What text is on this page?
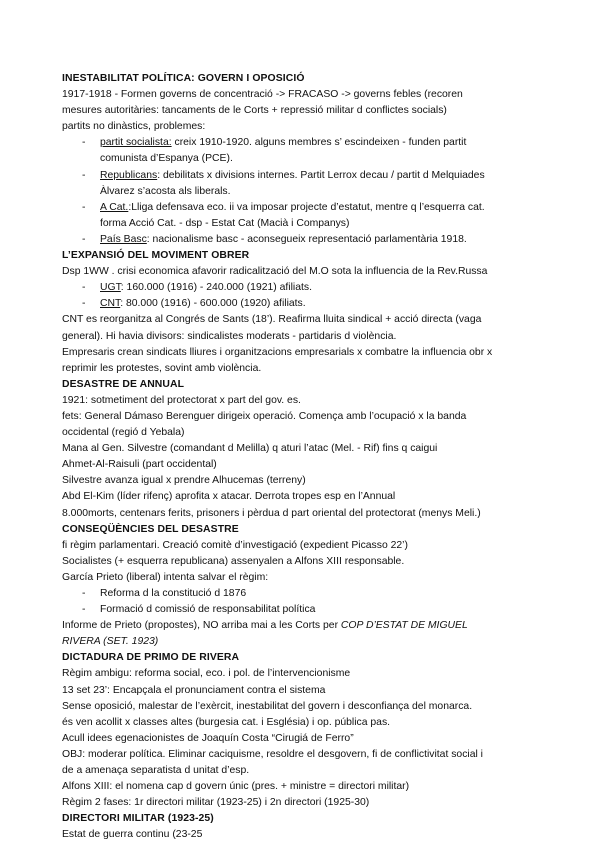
INESTABILITAT POLÍTICA: GOVERN I OPOSICIÓ

1917-1918 - Formen governs de concentració -> FRACASO -> governs febles (recoren

mesures autoritàries: tancaments de le Corts + repressió militar d conflictes socials)

partits no dinàstics, problemes:

- partit socialista: creix 1910-1920. alguns membres s’ escindeixen - funden partit

comunista d’Espanya (PCE).

- Republicans: debilitats x divisions internes. Partit Lerrox decau / partit d Melquiades

Àlvarez s’acosta als liberals.

- A Cat.:Lliga defensava eco. ii va imposar projecte d’estatut, mentre q l’esquerra cat.

forma Acció Cat. - dsp - Estat Cat (Macià i Companys)

- País Basc: nacionalisme basc - aconsegueix representació parlamentària 1918.

L’EXPANSIÓ DEL MOVIMENT OBRER

Dsp 1WW . crisi economica afavorir radicalització del M.O sota la influencia de la Rev.Russa

- UGT: 160.000 (1916) - 240.000 (1921) afiliats.

- CNT: 80.000 (1916) - 600.000 (1920) afiliats.

CNT es reorganitza al Congrés de Sants (18’). Reafirma lluita sindical + acció directa (vaga

general). Hi havia divisors: sindicalistes moderats - partidaris d violència.

Empresaris crean sindicats lliures i organitzacions empresarials x combatre la influencia obr x

reprimir les protestes, sovint amb violència.

DESASTRE DE ANNUAL

1921: sotmetiment del protectorat x part del gov. es.

fets: General Dámaso Berenguer dirigeix operació. Comença amb l’ocupació x la banda

occidental (regió d Yebala)

Mana al Gen. Silvestre (comandant d Melilla) q aturi l’atac (Mel. - Rif) fins q caigui

Ahmet-Al-Raisuli (part occidental)

Silvestre avanza igual x prendre Alhucemas (terreny)

Abd El-Kim (líder rifenç) aprofita x atacar. Derrota tropes esp en l’Annual

8.000morts, centenars ferits, prisoners i pèrdua d part oriental del protectorat (menys Meli.)

CONSEQÜÈNCIES DEL DESASTRE

fi règim parlamentari. Creació comitè d’investigació (expedient Picasso 22’)

Socialistes (+ esquerra republicana) assenyalen a Alfons XIII responsable.

García Prieto (liberal) intenta salvar el règim:

- Reforma d la constitució d 1876

- Formació d comissió de responsabilitat política

Informe de Prieto (propostes), NO arriba mai a les Corts per COP D’ESTAT DE MIGUEL

RIVERA (SET. 1923)

DICTADURA DE PRIMO DE RIVERA

Règim ambigu: reforma social, eco. i pol. de l’intervencionisme

13 set 23’: Encapçala el pronunciament contra el sistema

Sense oposició, malestar de l’exèrcit, inestabilitat del govern i desconfiança del monarca.

és ven acollit x classes altes (burgesia cat. i Església) i op. pública pas.

Acull idees egenacionistes de Joaquín Costa “Cirugiá de Ferro”

OBJ: moderar política. Eliminar caciquisme, resoldre el desgovern, fi de conflictivitat social i

de a amenaça separatista d unitat d’esp.

Alfons XIII: el nomena cap d govern únic (pres. + ministre = directori militar)

Règim 2 fases: 1r directori militar (1923-25) i 2n directori (1925-30)

DIRECTORI MILITAR (1923-25)

Estat de guerra continu (23-25
